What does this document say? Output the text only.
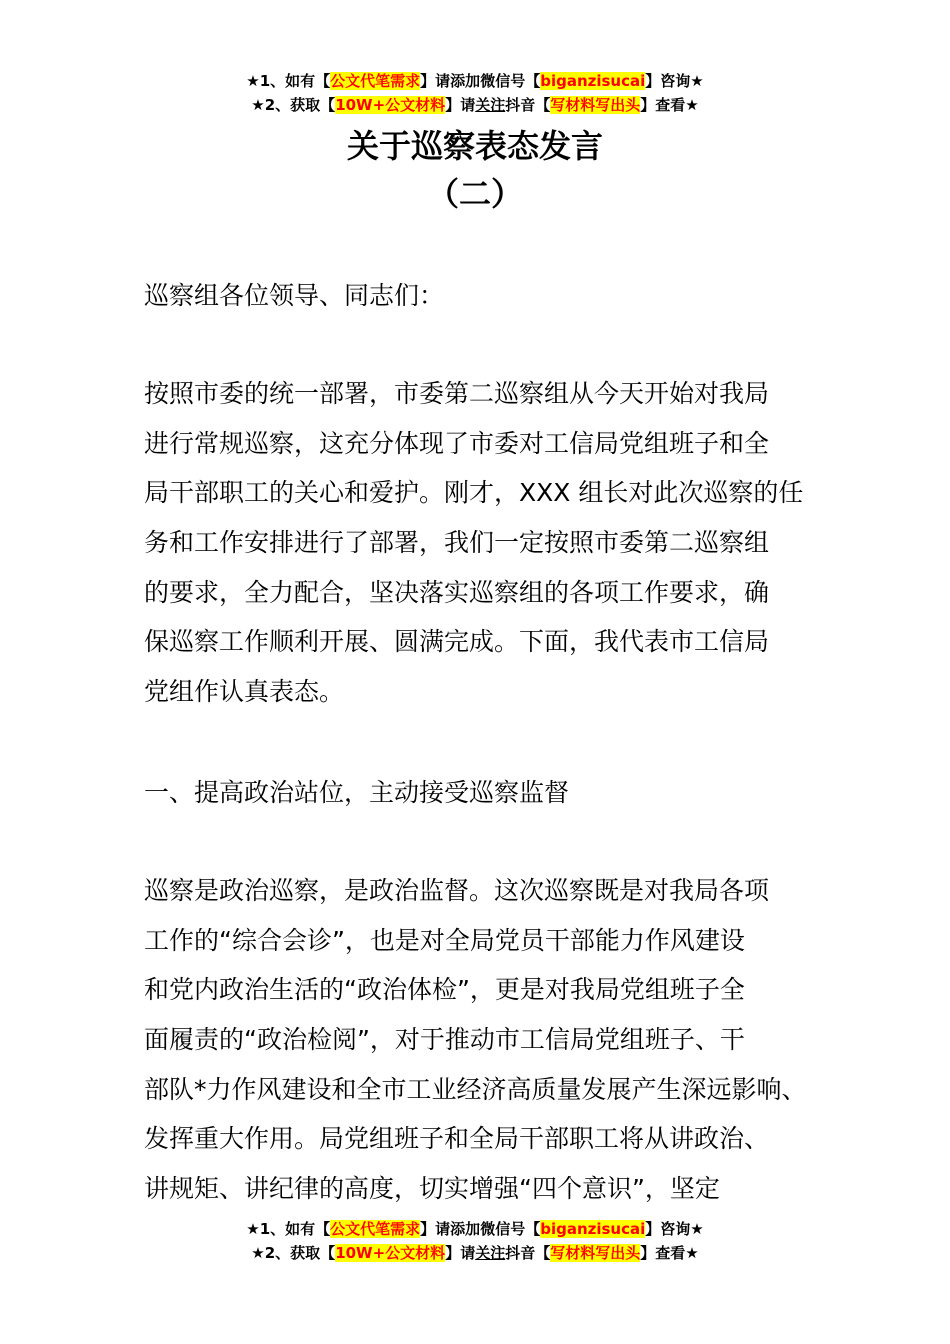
★1、如有【公文代笔需求】请添加微信号【biganzisucai】咨询★
★2、获取【10W+公文材料】请关注抖音【写材料写出头】查看★
关于巡察表态发言
（二）
巡察组各位领导、同志们：
按照市委的统一部署，市委第二巡察组从今天开始对我局
进行常规巡察，这充分体现了市委对工信局党组班子和全
局干部职工的关心和爱护。刚才，XXX 组长对此次巡察的任
务和工作安排进行了部署，我们一定按照市委第二巡察组
的要求，全力配合，坚决落实巡察组的各项工作要求，确
保巡察工作顺利开展、圆满完成。下面，我代表市工信局
党组作认真表态。
一、提高政治站位，主动接受巡察监督
巡察是政治巡察，是政治监督。这次巡察既是对我局各项
工作的“综合会诊”，也是对全局党员干部能力作风建设
和党内政治生活的“政治体检”，更是对我局党组班子全
面履责的“政治检阅”，对于推动市工信局党组班子、干
部队*力作风建设和全市工业经济高质量发展产生深远影响、
发挥重大作用。局党组班子和全局干部职工将从讲政治、
讲规矩、讲纪律的高度，切实增强“四个意识”，坚定
★1、如有【公文代笔需求】请添加微信号【biganzisucai】咨询★
★2、获取【10W+公文材料】请关注抖音【写材料写出头】查看★
